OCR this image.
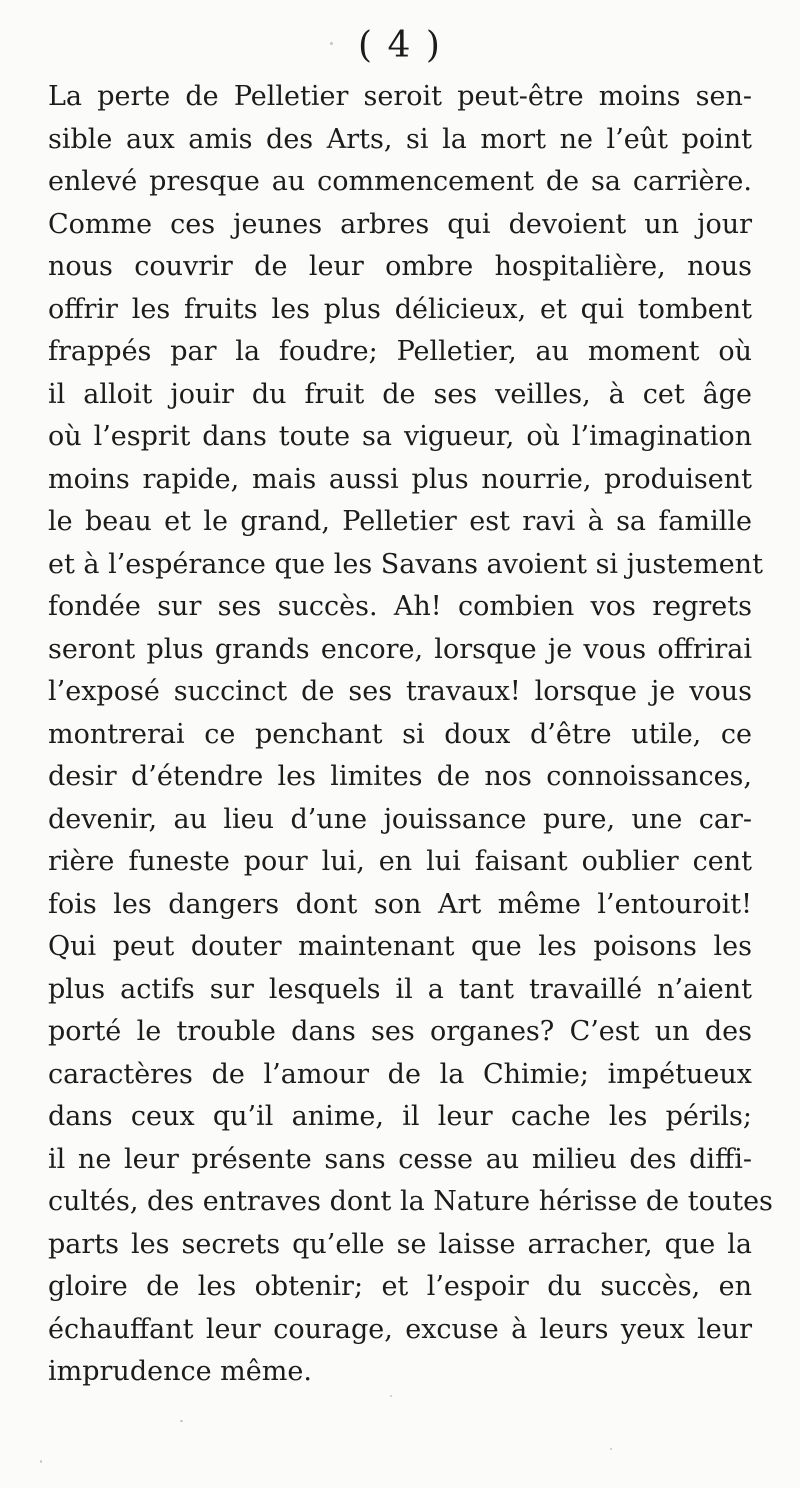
( 4 )
La perte de Pelletier seroit peut-être moins sen-
sible aux amis des Arts, si la mort ne l’eût point
enlevé presque au commencement de sa carrière.
Comme ces jeunes arbres qui devoient un jour
nous couvrir de leur ombre hospitalière, nous
offrir les fruits les plus délicieux, et qui tombent
frappés par la foudre; Pelletier, au moment où
il alloit jouir du fruit de ses veilles, à cet âge
où l’esprit dans toute sa vigueur, où l’imagination
moins rapide, mais aussi plus nourrie, produisent
le beau et le grand, Pelletier est ravi à sa famille
et à l’espérance que les Savans avoient si justement
fondée sur ses succès. Ah! combien vos regrets
seront plus grands encore, lorsque je vous offrirai
l’exposé succinct de ses travaux! lorsque je vous
montrerai ce penchant si doux d’être utile, ce
desir d’étendre les limites de nos connoissances,
devenir, au lieu d’une jouissance pure, une car-
rière funeste pour lui, en lui faisant oublier cent
fois les dangers dont son Art même l’entouroit!
Qui peut douter maintenant que les poisons les
plus actifs sur lesquels il a tant travaillé n’aient
porté le trouble dans ses organes? C’est un des
caractères de l’amour de la Chimie; impétueux
dans ceux qu’il anime, il leur cache les périls;
il ne leur présente sans cesse au milieu des diffi-
cultés, des entraves dont la Nature hérisse de toutes
parts les secrets qu’elle se laisse arracher, que la
gloire de les obtenir; et l’espoir du succès, en
échauffant leur courage, excuse à leurs yeux leur
imprudence même.
